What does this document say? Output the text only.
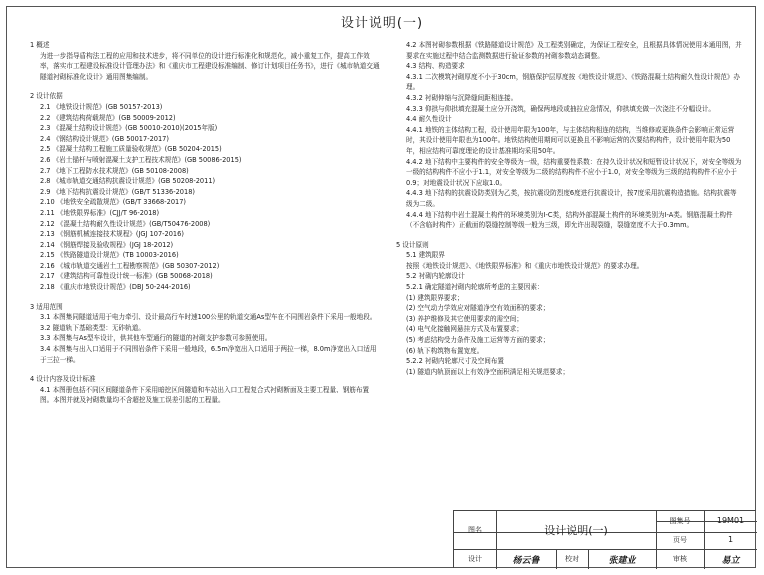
设计说明(一)

1 概述

为进一步指导盾构法工程的应用和技术进步，将不同单位的设计进行标准化和规范化，减小重复工作，提高工作效率，落实市工程建设标准设计管理办法》和《重庆市工程建设标准编制、修订计划项目任务书》，进行《城市轨道交通隧道衬砌标准化设计》通用图集编制。

2 设计依据

2.1 《地铁设计规范》(GB 50157-2013)

2.2 《建筑结构荷载规范》(GB 50009-2012)

2.3 《混凝土结构设计规范》(GB 50010-2010)(2015年版)

2.4 《钢结构设计规范》(GB 50017-2017)

2.5 《混凝土结构工程施工质量验收规范》(GB 50204-2015)

2.6 《岩土锚杆与喷射混凝土支护工程技术规范》(GB 50086-2015)

2.7 《地下工程防水技术规范》(GB 50108-2008)

2.8 《城市轨道交通结构抗震设计规范》(GB 50208-2011)

2.9 《地下结构抗震设计规范》(GB/T 51336-2018)

2.10 《地铁安全疏散规范》(GB/T 33668-2017)

2.11 《地铁限界标准》(CJJ/T 96-2018)

2.12 《混凝土结构耐久性设计规范》(GB/T50476-2008)

2.13 《钢筋机械连接技术规程》(JGJ 107-2016)

2.14 《钢筋焊接及验收规程》(JGJ 18-2012)

2.15 《铁路隧道设计规范》(TB 10003-2016)

2.16 《城市轨道交通岩土工程勘察规范》(GB 50307-2012)

2.17 《建筑结构可靠性设计统一标准》(GB 50068-2018)

2.18 《重庆市地铁设计规范》(DBJ 50-244-2016)

3 适用范围

3.1 本图集同隧道适用于电力牵引、设计最高行车时速100公里的轨道交通As型车在不同围岩条件下采用一般地段。

3.2 隧道轨下基础类型：无砟轨道。

3.3 本图集与As型车设计，供其他车型通行的隧道的衬砌支护参数可参照使用。

3.4 本图集与出入口适用于不同围岩条件下采用一般地段，6.5m净宽出入口适用于两拉一梯，8.0m净宽出入口适用于三拉一梯。

4 设计内容及设计标准

4.1 本图册包括不同区间隧道条件下采用暗挖区间隧道和车站出入口工程复合式衬砌断面及主要工程量、钢筋布置图。本图并就及衬砌数量均不含超挖及施工误差引起的工程量。

4.2 本图衬砌参数根据《铁路隧道设计规范》及工程类别确定，为保证工程安全，且根据具体情况使用本通用图，并要求在实施过程中结合监测数据进行验证参数的衬砌参数动态调整。

4.3 结构、构造要求

4.3.1 二次模筑衬砌厚度不小于30cm，钢筋保护层厚度按《地铁设计规范》、《铁路混凝土结构耐久性设计规范》办理。

4.3.2 衬砌伸缩与沉降缝间距相连接。

4.3.3 仰拱与仰拱填充混凝土应分开浇筑，确保两地段或抽拉应急情况，仰拱填充做一次浇注不分幅设计。

4.4 耐久性设计

4.4.1 地铁的主体结构工程，设计使用年限为100年，与主体结构相连的结构，当维修或更换条件会影响正常运营时，其设计使用年限也为100年。地铁结构使用期间可以更换且不影响运营的次要结构构件，设计使用年限为50年，相应结构可靠度理论的设计基准期均采用50年。

4.4.2 地下结构中主要构件的安全等级为一级，结构重要性系数：在持久设计状况和短暂设计状况下，对安全等级为一级的结构构件不应小于1.1，对安全等级为二级的结构构件不应小于1.0，对安全等级为三级的结构构件不应小于0.9；对地震设计状况下应取1.0。

4.4.3 地下结构的抗震设防类别为乙类，按抗震设防烈度6度进行抗震设计，按7度采用抗震构造措施。结构抗震等级为二级。

4.4.4 地下结构中岩土混凝土构件的环境类别为Ⅰ-C类，结构外部混凝土构件的环境类别为Ⅰ-A类。钢筋混凝土构件（不含临时构件）正截面的裂缝控制等级一般为三级，即允许出现裂缝，裂缝宽度不大于0.3mm。

5 设计原则

5.1 建筑限界

按照《地铁设计规范》、《地铁限界标准》和《重庆市地铁设计规范》的要求办理。

5.2 衬砌内轮廓设计

5.2.1 确定隧道衬砌内轮廓所考虑的主要因素：

(1) 建筑限界要求；

(2) 空气动力学效应对隧道净空有效面积的要求；

(3) 养护维修及其它使用要求的需空间；

(4) 电气化接触网悬挂方式及布置要求；

(5) 考虑结构受力条件及施工运营等方面的要求；

(6) 轨下构筑物布置宽度。

5.2.2 衬砌内轮廓尺寸及空间布置

(1) 隧道内轨顶面以上有效净空面积满足相关规范要求；

图名	设计说明(一)
图集号	19M01
页号	1
设计	杨云鲁	校对	张建业	审核	易立
